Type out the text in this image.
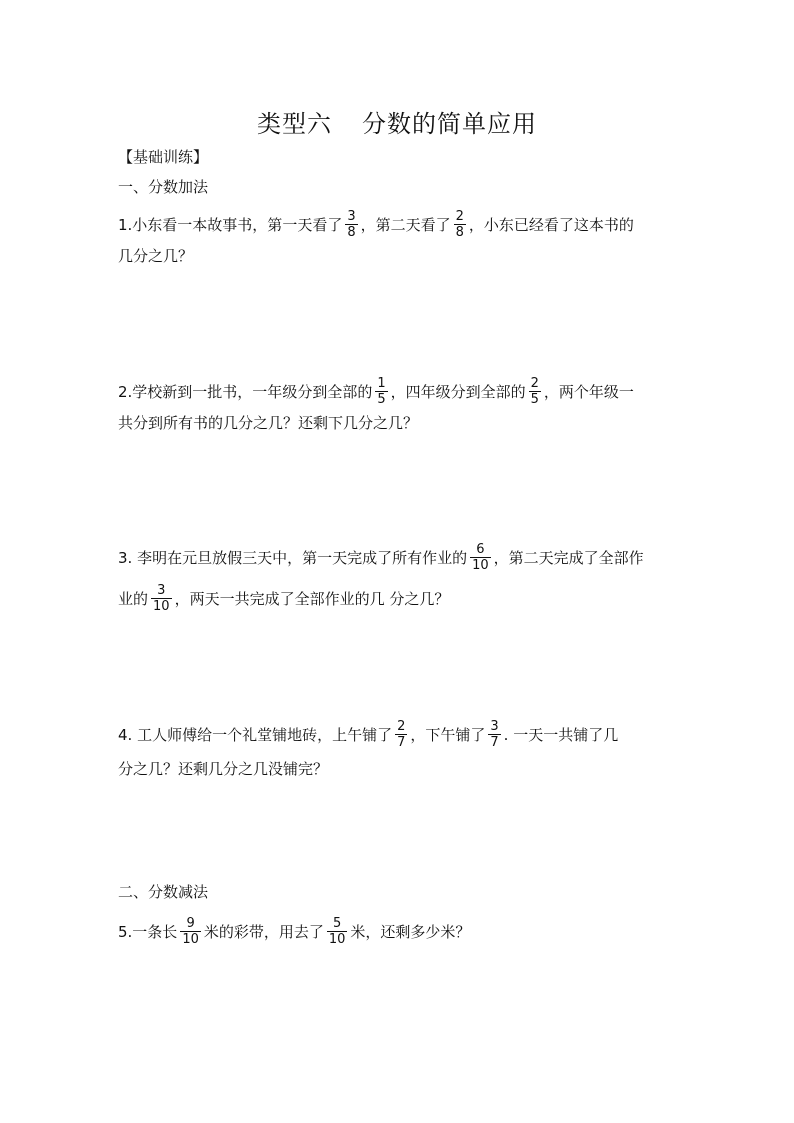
类型六 分数的简单应用
【基础训练】
一、分数加法
1.小东看一本故事书，第一天看了 $\frac{3}{8}$ ，第二天看了 $\frac{2}{8}$ ，小东已经看了这本书的
几分之几？
2.学校新到一批书，一年级分到全部的 $\frac{1}{5}$ ，四年级分到全部的 $\frac{2}{5}$ ，两个年级一
共分到所有书的几分之几？还剩下几分之几？
3. 李明在元旦放假三天中，第一天完成了所有作业的 $\frac{6}{10}$ ，第二天完成了全部作
业的 $\frac{3}{10}$ ，两天一共完成了全部作业的几 分之几？
4. 工人师傅给一个礼堂铺地砖，上午铺了 $\frac{2}{7}$ ，下午铺了 $\frac{3}{7}$ . 一天一共铺了几
分之几？还剩几分之几没铺完？
二、分数减法
5.一条长 $\frac{9}{10}$ 米的彩带，用去了 $\frac{5}{10}$ 米，还剩多少米？
